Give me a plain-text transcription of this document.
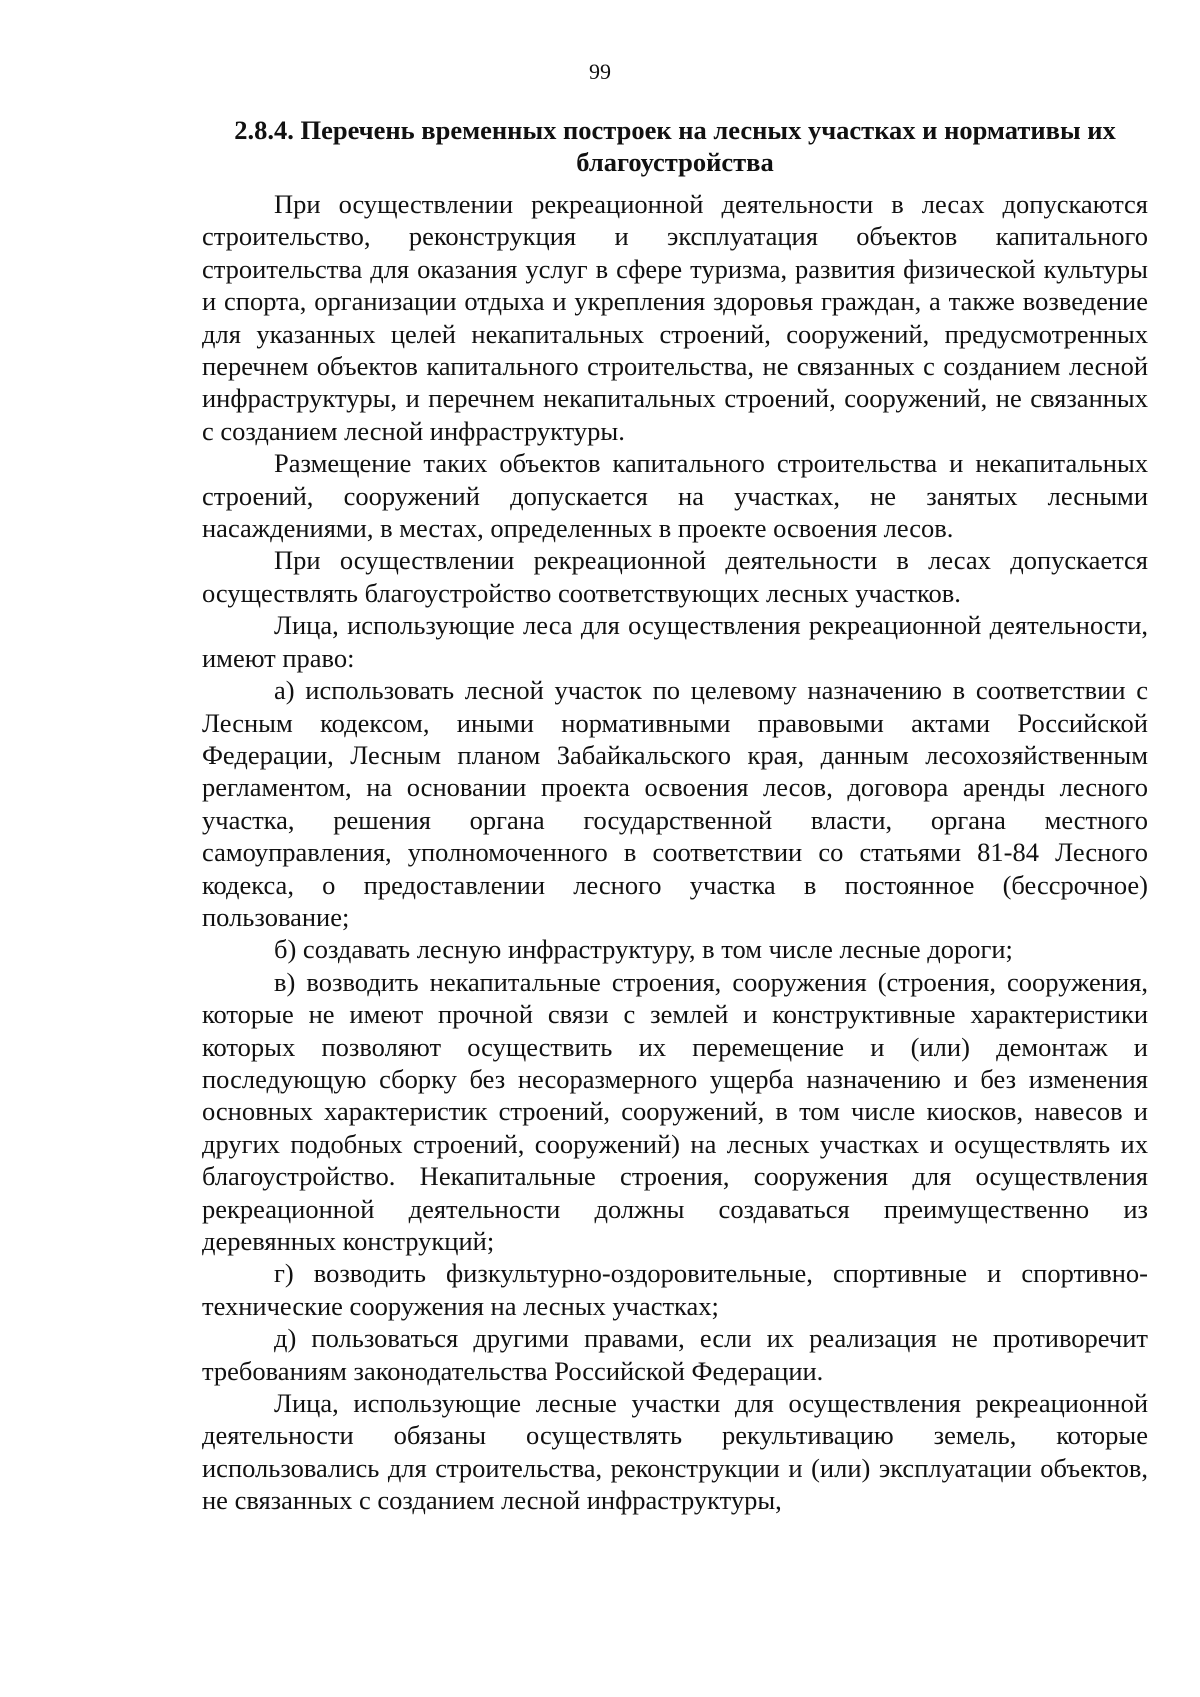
99
2.8.4. Перечень временных построек на лесных участках и нормативы их благоустройства

При осуществлении рекреационной деятельности в лесах допускаются строительство, реконструкция и эксплуатация объектов капитального строительства для оказания услуг в сфере туризма, развития физической культуры и спорта, организации отдыха и укрепления здоровья граждан, а также возведение для указанных целей некапитальных строений, сооружений, предусмотренных перечнем объектов капитального строительства, не связанных с созданием лесной инфраструктуры, и перечнем некапитальных строений, сооружений, не связанных с созданием лесной инфраструктуры.

Размещение таких объектов капитального строительства и некапитальных строений, сооружений допускается на участках, не занятых лесными насаждениями, в местах, определенных в проекте освоения лесов.

При осуществлении рекреационной деятельности в лесах допускается осуществлять благоустройство соответствующих лесных участков.

Лица, использующие леса для осуществления рекреационной деятельности, имеют право:

а) использовать лесной участок по целевому назначению в соответствии с Лесным кодексом, иными нормативными правовыми актами Российской Федерации, Лесным планом Забайкальского края, данным лесохозяйственным регламентом, на основании проекта освоения лесов, договора аренды лесного участка, решения органа государственной власти, органа местного самоуправления, уполномоченного в соответствии со статьями 81-84 Лесного кодекса, о предоставлении лесного участка в постоянное (бессрочное) пользование;

б) создавать лесную инфраструктуру, в том числе лесные дороги;

в) возводить некапитальные строения, сооружения (строения, сооружения, которые не имеют прочной связи с землей и конструктивные характеристики которых позволяют осуществить их перемещение и (или) демонтаж и последующую сборку без несоразмерного ущерба назначению и без изменения основных характеристик строений, сооружений, в том числе киосков, навесов и других подобных строений, сооружений) на лесных участках и осуществлять их благоустройство. Некапитальные строения, сооружения для осуществления рекреационной деятельности должны создаваться преимущественно из деревянных конструкций;

г) возводить физкультурно-оздоровительные, спортивные и спортивно-технические сооружения на лесных участках;

д) пользоваться другими правами, если их реализация не противоречит требованиям законодательства Российской Федерации.

Лица, использующие лесные участки для осуществления рекреационной деятельности обязаны осуществлять рекультивацию земель, которые использовались для строительства, реконструкции и (или) эксплуатации объектов, не связанных с созданием лесной инфраструктуры,
